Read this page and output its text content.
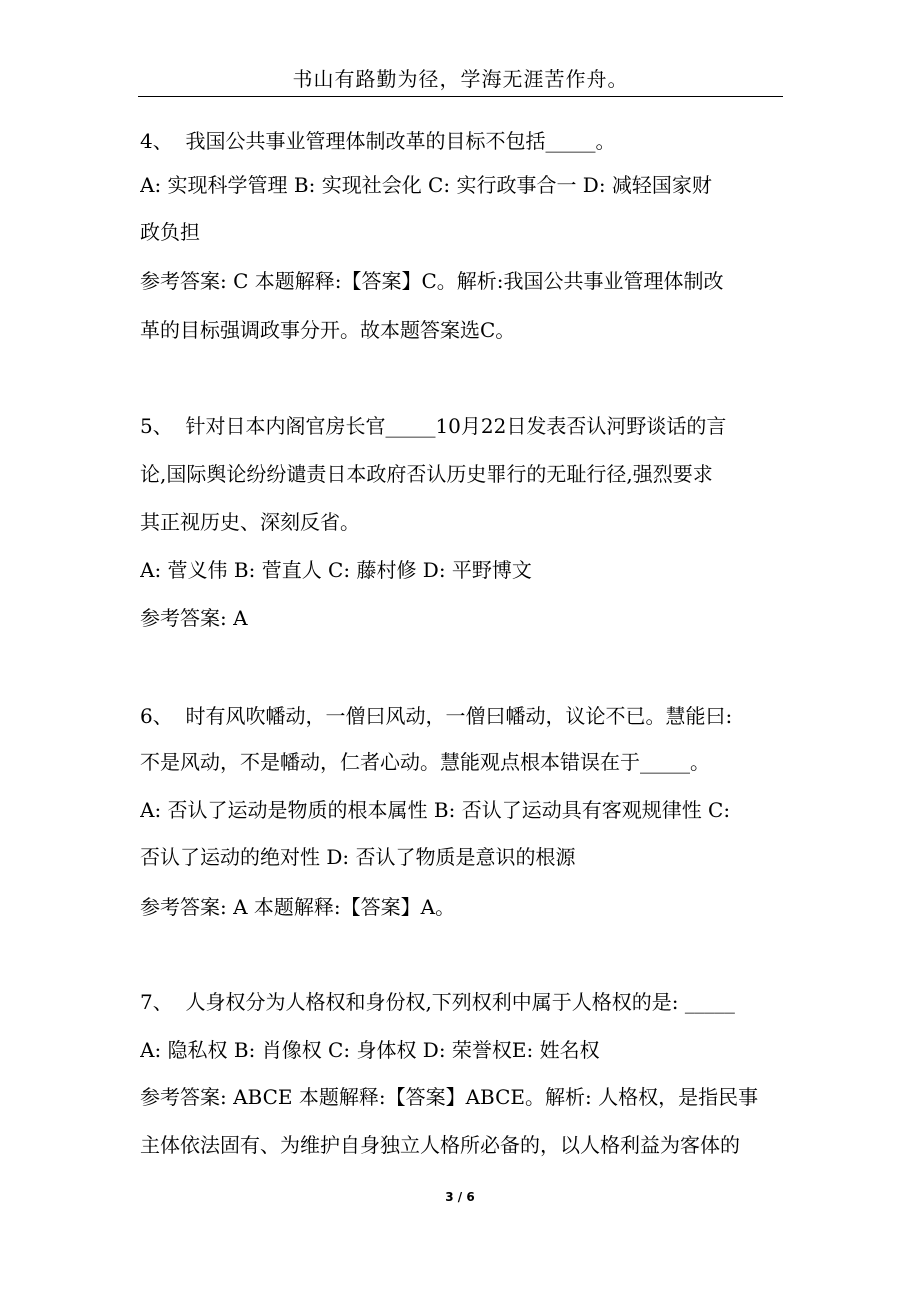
书山有路勤为径，学海无涯苦作舟。
4、  我国公共事业管理体制改革的目标不包括_____。
A: 实现科学管理 B: 实现社会化 C: 实行政事合一 D: 减轻国家财
政负担
参考答案: C 本题解释:【答案】C。解析:我国公共事业管理体制改
革的目标强调政事分开。故本题答案选C。
5、  针对日本内阁官房长官_____10月22日发表否认河野谈话的言
论,国际舆论纷纷谴责日本政府否认历史罪行的无耻行径,强烈要求
其正视历史、深刻反省。
A: 菅义伟 B: 菅直人 C: 藤村修 D: 平野博文
参考答案: A
6、  时有风吹幡动，一僧曰风动，一僧曰幡动，议论不已。慧能曰:
不是风动，不是幡动，仁者心动。慧能观点根本错误在于_____。
A: 否认了运动是物质的根本属性 B: 否认了运动具有客观规律性 C:
否认了运动的绝对性 D: 否认了物质是意识的根源
参考答案: A 本题解释:【答案】A。
7、  人身权分为人格权和身份权,下列权利中属于人格权的是: _____
A: 隐私权 B: 肖像权 C: 身体权 D: 荣誉权E: 姓名权
参考答案: ABCE 本题解释:【答案】ABCE。解析: 人格权，是指民事
主体依法固有、为维护自身独立人格所必备的，以人格利益为客体的
3 / 6
